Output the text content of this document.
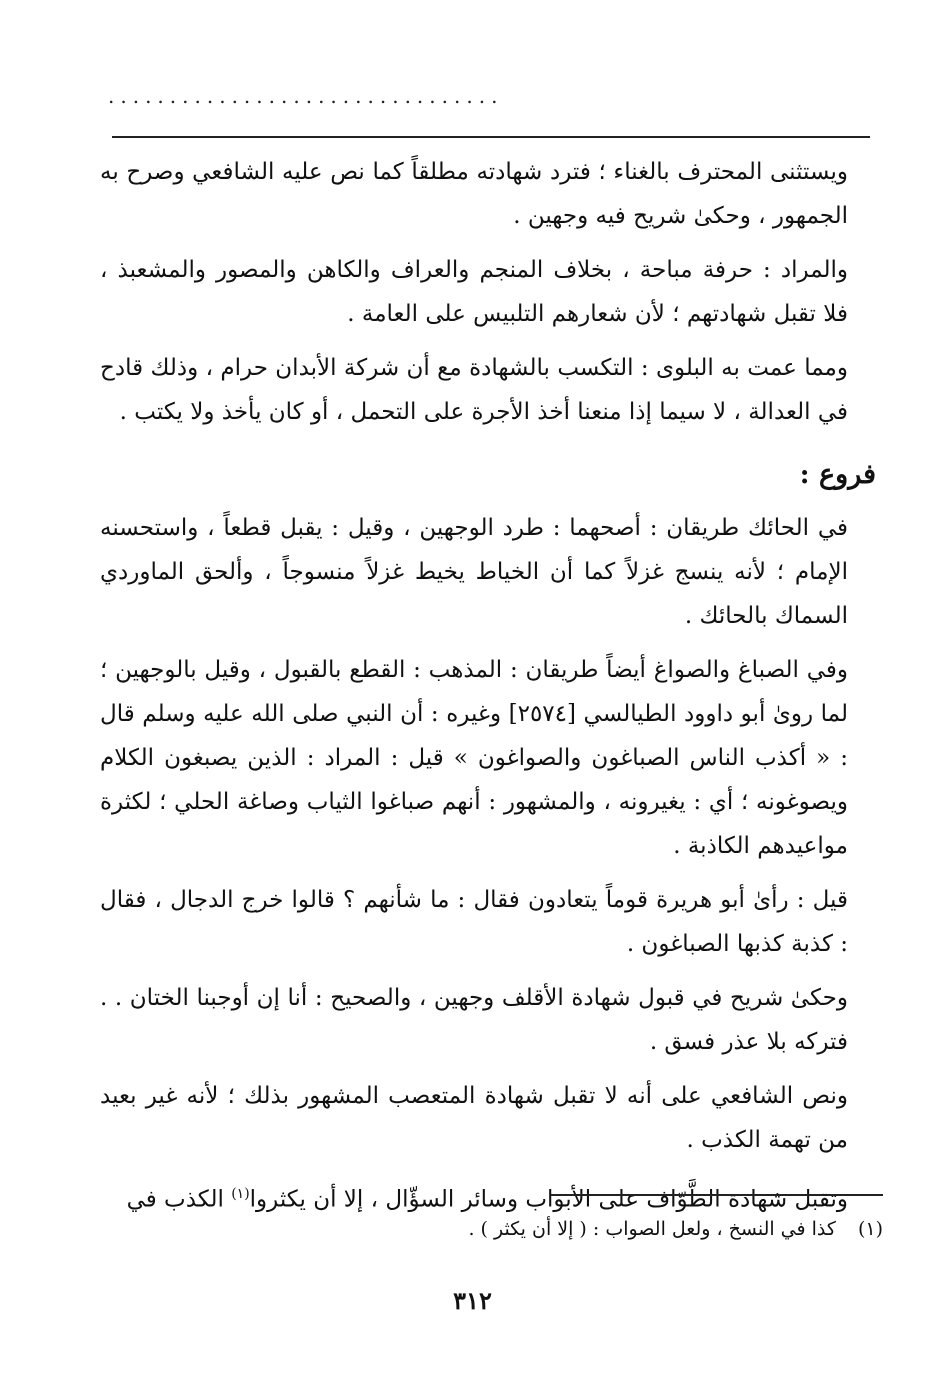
................................

ويستثنى المحترف بالغناء ؛ فترد شهادته مطلقاً كما نص عليه الشافعي وصرح به الجمهور ، وحكىٰ شريح فيه وجهين .

والمراد : حرفة مباحة ، بخلاف المنجم والعراف والكاهن والمصور والمشعبذ ، فلا تقبل شهادتهم ؛ لأن شعارهم التلبيس على العامة .

ومما عمت به البلوى : التكسب بالشهادة مع أن شركة الأبدان حرام ، وذلك قادح في العدالة ، لا سيما إذا منعنا أخذ الأجرة على التحمل ، أو كان يأخذ ولا يكتب .

فروع :

في الحائك طريقان : أصحهما : طرد الوجهين ، وقيل : يقبل قطعاً ، واستحسنه الإمام ؛ لأنه ينسج غزلاً كما أن الخياط يخيط غزلاً منسوجاً ، وألحق الماوردي السماك بالحائك .

وفي الصباغ والصواغ أيضاً طريقان : المذهب : القطع بالقبول ، وقيل بالوجهين ؛ لما روىٰ أبو داوود الطيالسي [٢٥٧٤] وغيره : أن النبي صلى الله عليه وسلم قال : « أكذب الناس الصباغون والصواغون » قيل : المراد : الذين يصبغون الكلام ويصوغونه ؛ أي : يغيرونه ، والمشهور : أنهم صباغوا الثياب وصاغة الحلي ؛ لكثرة مواعيدهم الكاذبة .

قيل : رأىٰ أبو هريرة قوماً يتعادون فقال : ما شأنهم ؟ قالوا خرج الدجال ، فقال : كذبة كذبها الصباغون .

وحكىٰ شريح في قبول شهادة الأقلف وجهين ، والصحيح : أنا إن أوجبنا الختان . . فتركه بلا عذر فسق .

ونص الشافعي على أنه لا تقبل شهادة المتعصب المشهور بذلك ؛ لأنه غير بعيد من تهمة الكذب .

وتقبل شهادة الطَّوّاف على الأبواب وسائر السؤّال ، إلا أن يكثروا$^{(١)}$ الكذب في

(١)كذا في النسخ ، ولعل الصواب : ( إلا أن يكثر ) .
٣١٢
